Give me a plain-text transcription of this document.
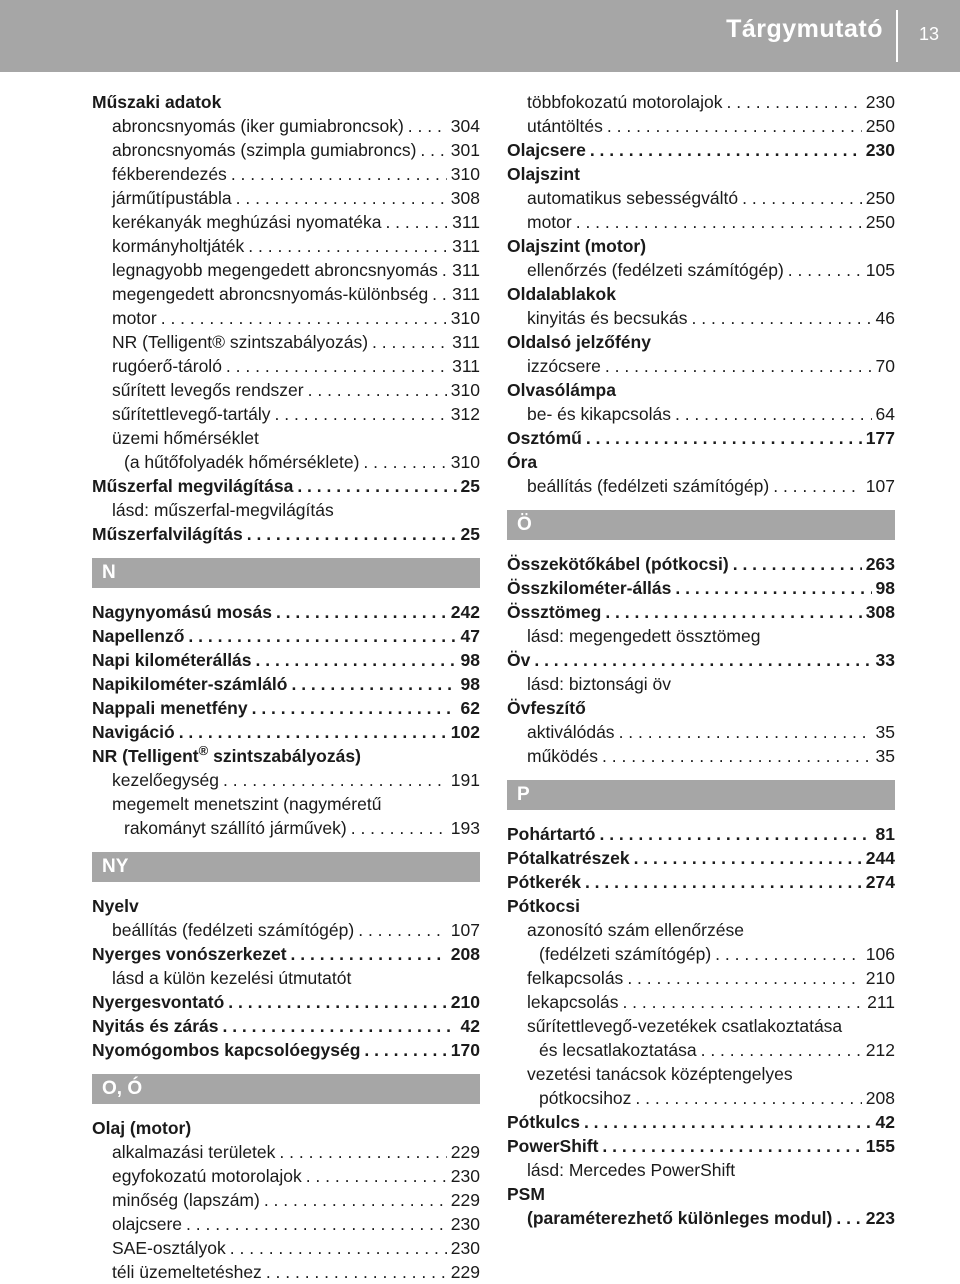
Tárgymutató	13
Műszaki adatok
abroncsnyomás (iker gumiabroncsok) . . .	304
abroncsnyomás (szimpla gumiabroncs) . . . 301
fékberendezés . . .	310
járműtípustábla . . .	308
kerékanyák meghúzási nyomatéka . . .	311
kormányholtjáték . . .	311
legnagyobb megengedett abroncsnyomás . . . 311
megengedett abroncsnyomás-különbség . . . 311
motor . . .	310
NR (Telligent® szintszabályozás) . . .	311
rugóerő-tároló . . .	311
sűrített levegős rendszer . . .	310
sűrítettlevegő-tartály . . .	312
üzemi hőmérséklet
(a hűtőfolyadék hőmérséklete) . . .	310
Műszerfal megvilágítása . . .	25
lásd: műszerfal-megvilágítás
Műszerfalvilágítás . . .	25
N
Nagynyomású mosás . . .	242
Napellenző . . .	47
Napi kilométerállás . . .	98
Napikilométer-számláló . . .	98
Nappali menetfény . . .	62
Navigáció . . .	102
NR (Telligent® szintszabályozás)
kezelőegység . . .	191
megemelt menetszint (nagyméretű
rakományt szállító járművek) . . .	193
NY
Nyelv
beállítás (fedélzeti számítógép) . . .	107
Nyerges vonószerkezet . . .	208
lásd a külön kezelési útmutatót
Nyergesvontató . . .	210
Nyitás és zárás . . .	42
Nyomógombos kapcsolóegység . . .	170
O, Ó
Olaj (motor)
alkalmazási területek . . .	229
egyfokozatú motorolajok . . .	230
minőség (lapszám) . . .	229
olajcsere . . .	230
SAE-osztályok . . .	230
téli üzemeltetéshez . . .	229
többfokozatú motorolajok . . .	230
utántöltés . . .	250
Olajcsere . . .	230
Olajszint
automatikus sebességváltó . . .	250
motor . . .	250
Olajszint (motor)
ellenőrzés (fedélzeti számítógép) . . .	105
Oldalablakok
kinyitás és becsukás . . .	46
Oldalsó jelzőfény
izzócsere . . .	70
Olvasólámpa
be- és kikapcsolás . . .	64
Osztómű . . .	177
Óra
beállítás (fedélzeti számítógép) . . .	107
Ö
Összekötőkábel (pótkocsi) . . .	263
Összkilométer-állás . . .	98
Össztömeg . . .	308
lásd: megengedett össztömeg
Öv . . .	33
lásd: biztonsági öv
Övfeszítő
aktiválódás . . .	35
működés . . .	35
P
Pohártartó . . .	81
Pótalkatrészek . . .	244
Pótkerék . . .	274
Pótkocsi
azonosító szám ellenőrzése
(fedélzeti számítógép) . . .	106
felkapcsolás . . .	210
lekapcsolás . . .	211
sűrítettlevegő-vezetékek csatlakoztatása
és lecsatlakoztatása . . .	212
vezetési tanácsok középtengelyes
pótkocsihoz . . .	208
Pótkulcs . . .	42
PowerShift . . .	155
lásd: Mercedes PowerShift
PSM
(paraméterezhető különleges modul) . . . 223
